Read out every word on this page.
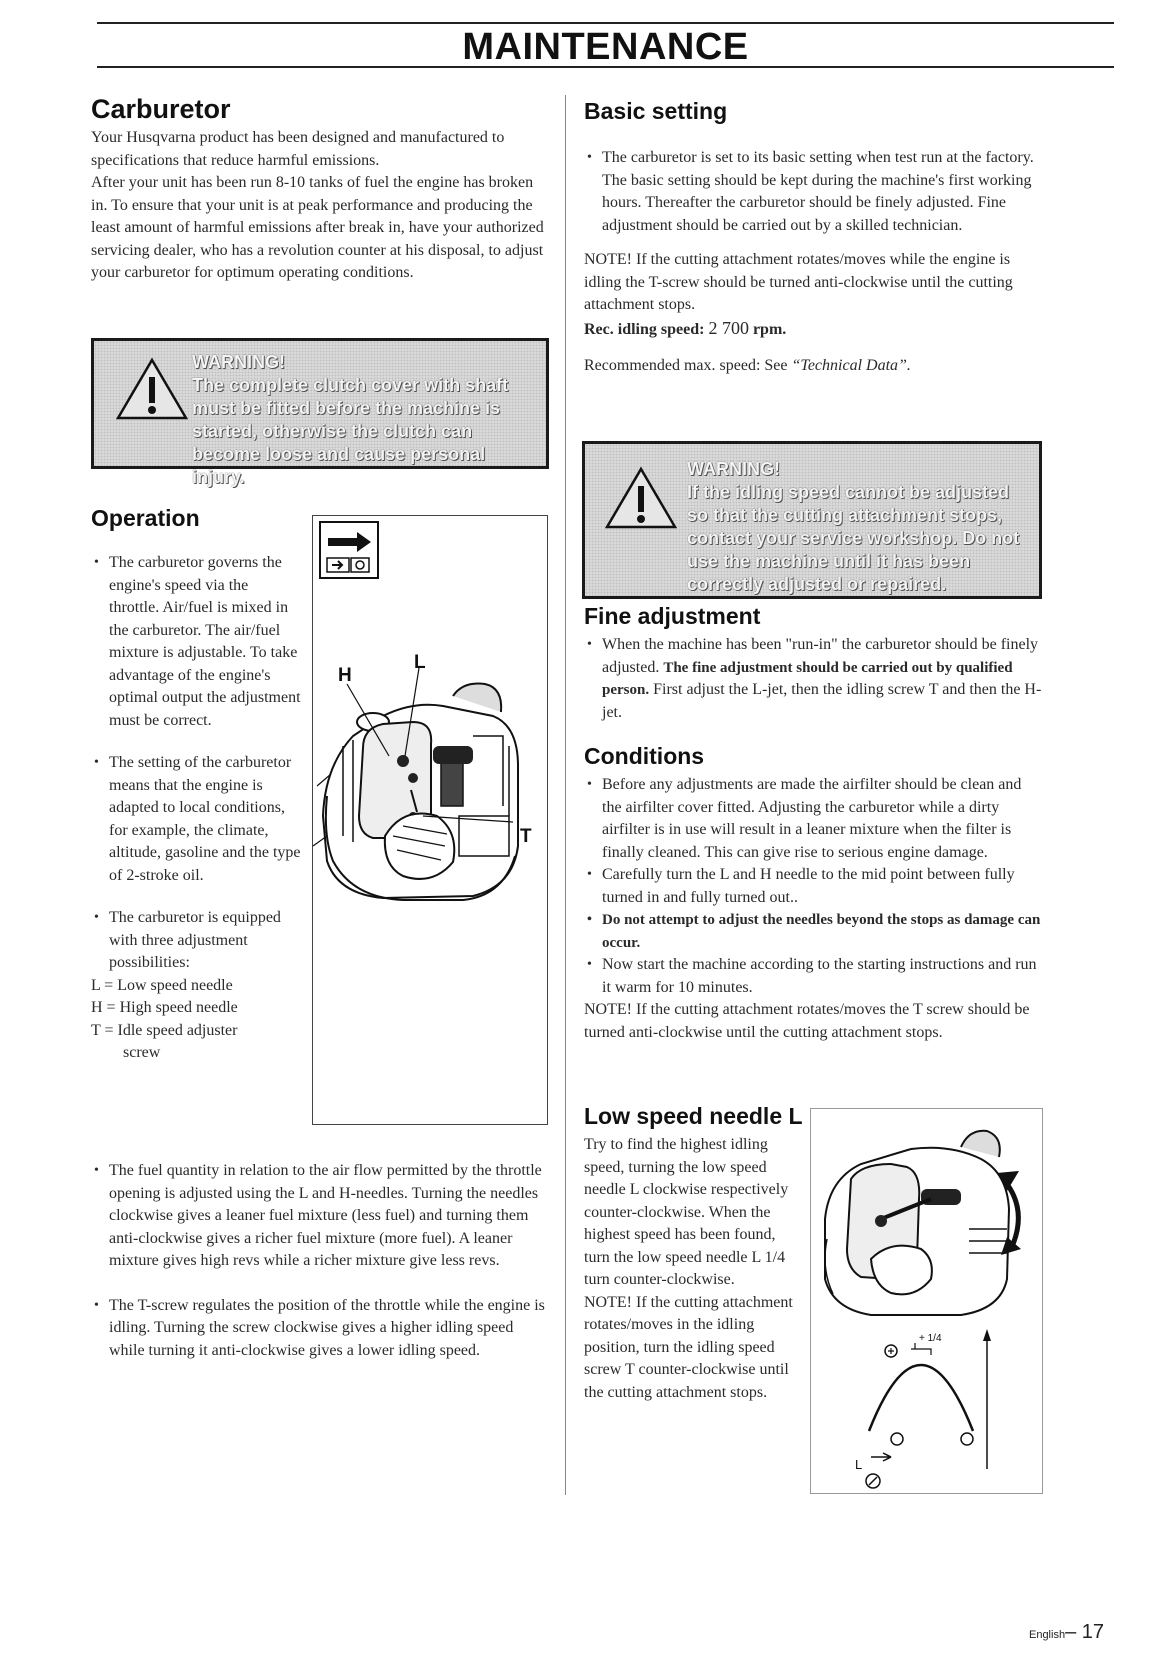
MAINTENANCE
Carburetor

Your Husqvarna product has been designed and manufactured to specifications that reduce harmful emissions.

After your unit has been run 8-10 tanks of fuel the engine has broken in. To ensure that your unit is at peak performance and producing the least amount of harmful emissions after break in, have your authorized servicing dealer, who has a revolution counter at his disposal, to adjust your carburetor for optimum operating conditions.

WARNING!
The complete clutch cover with shaft must be fitted before the machine is started, otherwise the clutch can become loose and cause personal injury.
Operation

• The carburetor governs the engine's speed via the throttle. Air/fuel is mixed in the carburetor. The air/fuel mixture is adjustable. To take advantage of the engine's optimal output the adjustment must be correct.

• The setting of the carburetor means that the engine is adapted to local conditions, for example, the climate, altitude, gasoline and the type of 2-stroke oil.

• The carburetor is equipped with three adjustment possibilities:

L = Low speed needle

H = High speed needle

T = Idle speed adjuster

screw

H
L
T

• The fuel quantity in relation to the air flow permitted by the throttle opening is adjusted using the L and H-needles. Turning the needles clockwise gives a leaner fuel mixture (less fuel) and turning them anti-clockwise gives a richer fuel mixture (more fuel). A leaner mixture gives high revs while a richer mixture give less revs.

• The T-screw regulates the position of the throttle while the engine is idling. Turning the screw clockwise gives a higher idling speed while turning it anti-clockwise gives a lower idling speed.

Basic setting

• The carburetor is set to its basic setting when test run at the factory. The basic setting should be kept during the machine's first working hours. Thereafter the carburetor should be finely adjusted. Fine adjustment should be carried out by a skilled technician.

NOTE! If the cutting attachment rotates/moves while the engine is idling the T-screw should be turned anti-clockwise until the cutting attachment stops.

Rec. idling speed: 2 700 rpm.

Recommended max. speed: See “Technical Data”.

WARNING!
If the idling speed cannot be adjusted so that the cutting attachment stops, contact your service workshop. Do not use the machine until it has been correctly adjusted or repaired.
Fine adjustment

• When the machine has been "run-in" the carburetor should be finely adjusted. The fine adjustment should be carried out by qualified person. First adjust the L-jet, then the idling screw T and then the H-jet.

Conditions

• Before any adjustments are made the airfilter should be clean and the airfilter cover fitted. Adjusting the carburetor while a dirty airfilter is in use will result in a leaner mixture when the filter is finally cleaned. This can give rise to serious engine damage.

• Carefully turn the L and H needle to the mid point between fully turned in and fully turned out..

• Do not attempt to adjust the needles beyond the stops as damage can occur.

• Now start the machine according to the starting instructions and run it warm for 10 minutes.

NOTE! If the cutting attachment rotates/moves the T screw should be turned anti-clockwise until the cutting attachment stops.

Low speed needle L

Try to find the highest idling speed, turning the low speed needle L clockwise respectively counter-clockwise. When the highest speed has been found, turn the low speed needle L 1/4 turn counter-clockwise.

NOTE! If the cutting attachment rotates/moves in the idling position, turn the idling speed screw T counter-clockwise until the cutting attachment stops.

+ 1/4
L
English– 17
